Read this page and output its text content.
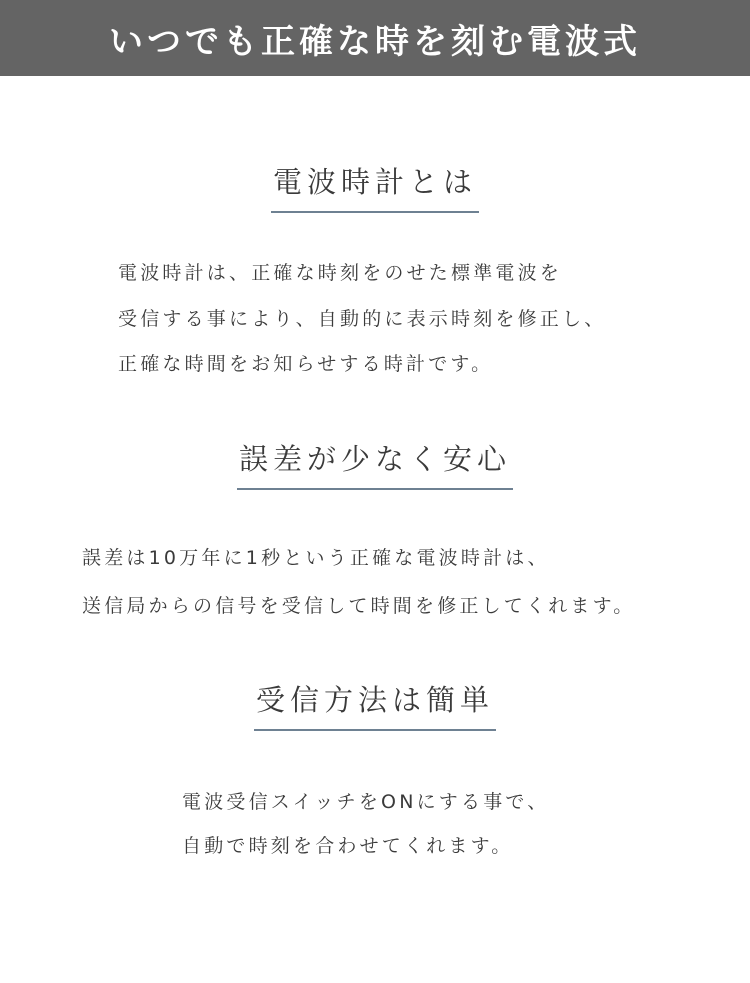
いつでも正確な時を刻む電波式
電波時計とは
電波時計は、正確な時刻をのせた標準電波を
受信する事により、自動的に表示時刻を修正し、
正確な時間をお知らせする時計です。
誤差が少なく安心
誤差は10万年に1秒という正確な電波時計は、
送信局からの信号を受信して時間を修正してくれます。
受信方法は簡単
電波受信スイッチをONにする事で、
自動で時刻を合わせてくれます。
